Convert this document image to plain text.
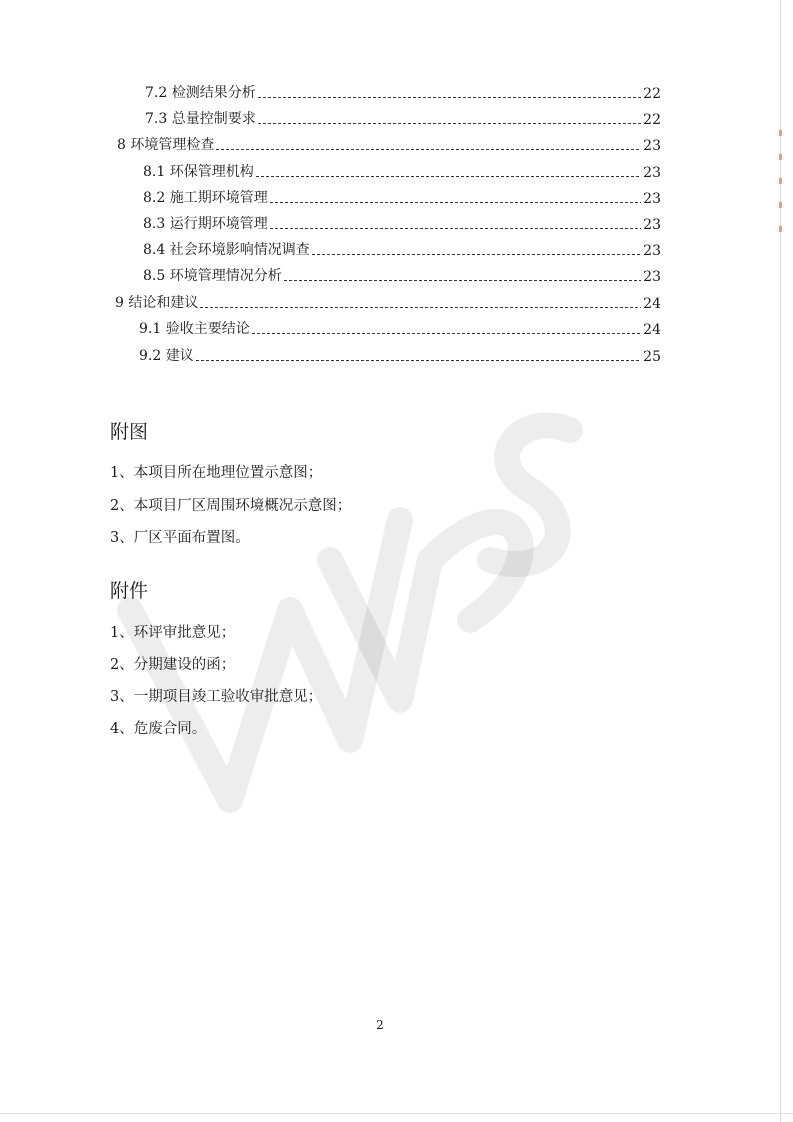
7.2 检测结果分析	22
7.3 总量控制要求	22
8 环境管理检查	23
8.1 环保管理机构	23
8.2 施工期环境管理	23
8.3 运行期环境管理	23
8.4 社会环境影响情况调查	23
8.5 环境管理情况分析	23
9 结论和建议	24
9.1 验收主要结论	24
9.2 建议	25
附图
1、本项目所在地理位置示意图；
2、本项目厂区周围环境概况示意图；
3、厂区平面布置图。
附件
1、环评审批意见；
2、分期建设的函；
3、一期项目竣工验收审批意见；
4、危废合同。
2
